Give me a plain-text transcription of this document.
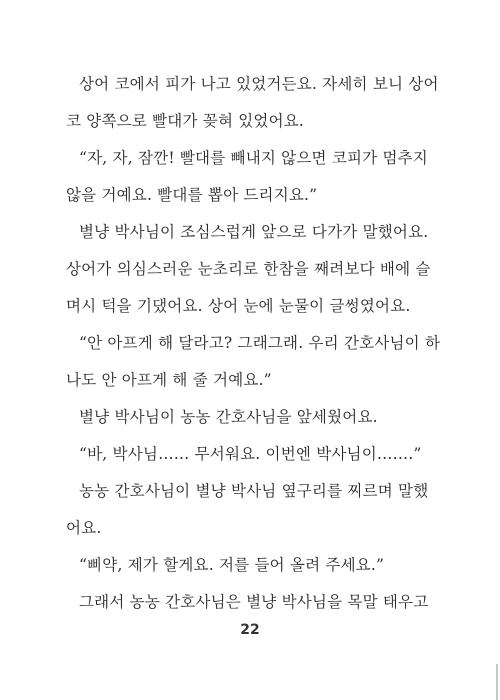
상어 코에서 피가 나고 있었거든요. 자세히 보니 상어
코 양쪽으로 빨대가 꽂혀 있었어요.
“자, 자, 잠깐! 빨대를 빼내지 않으면 코피가 멈추지
않을 거예요. 빨대를 뽑아 드리지요.”
별냥 박사님이 조심스럽게 앞으로 다가가 말했어요.
상어가 의심스러운 눈초리로 한참을 째려보다 배에 슬
며시 턱을 기댔어요. 상어 눈에 눈물이 글썽였어요.
“안 아프게 해 달라고? 그래그래. 우리 간호사님이 하
나도 안 아프게 해 줄 거예요.”
별냥 박사님이 농농 간호사님을 앞세웠어요.
“바, 박사님…… 무서워요. 이번엔 박사님이…….”
농농 간호사님이 별냥 박사님 옆구리를 찌르며 말했
어요.
“삐약, 제가 할게요. 저를 들어 올려 주세요.”
그래서 농농 간호사님은 별냥 박사님을 목말 태우고
22
